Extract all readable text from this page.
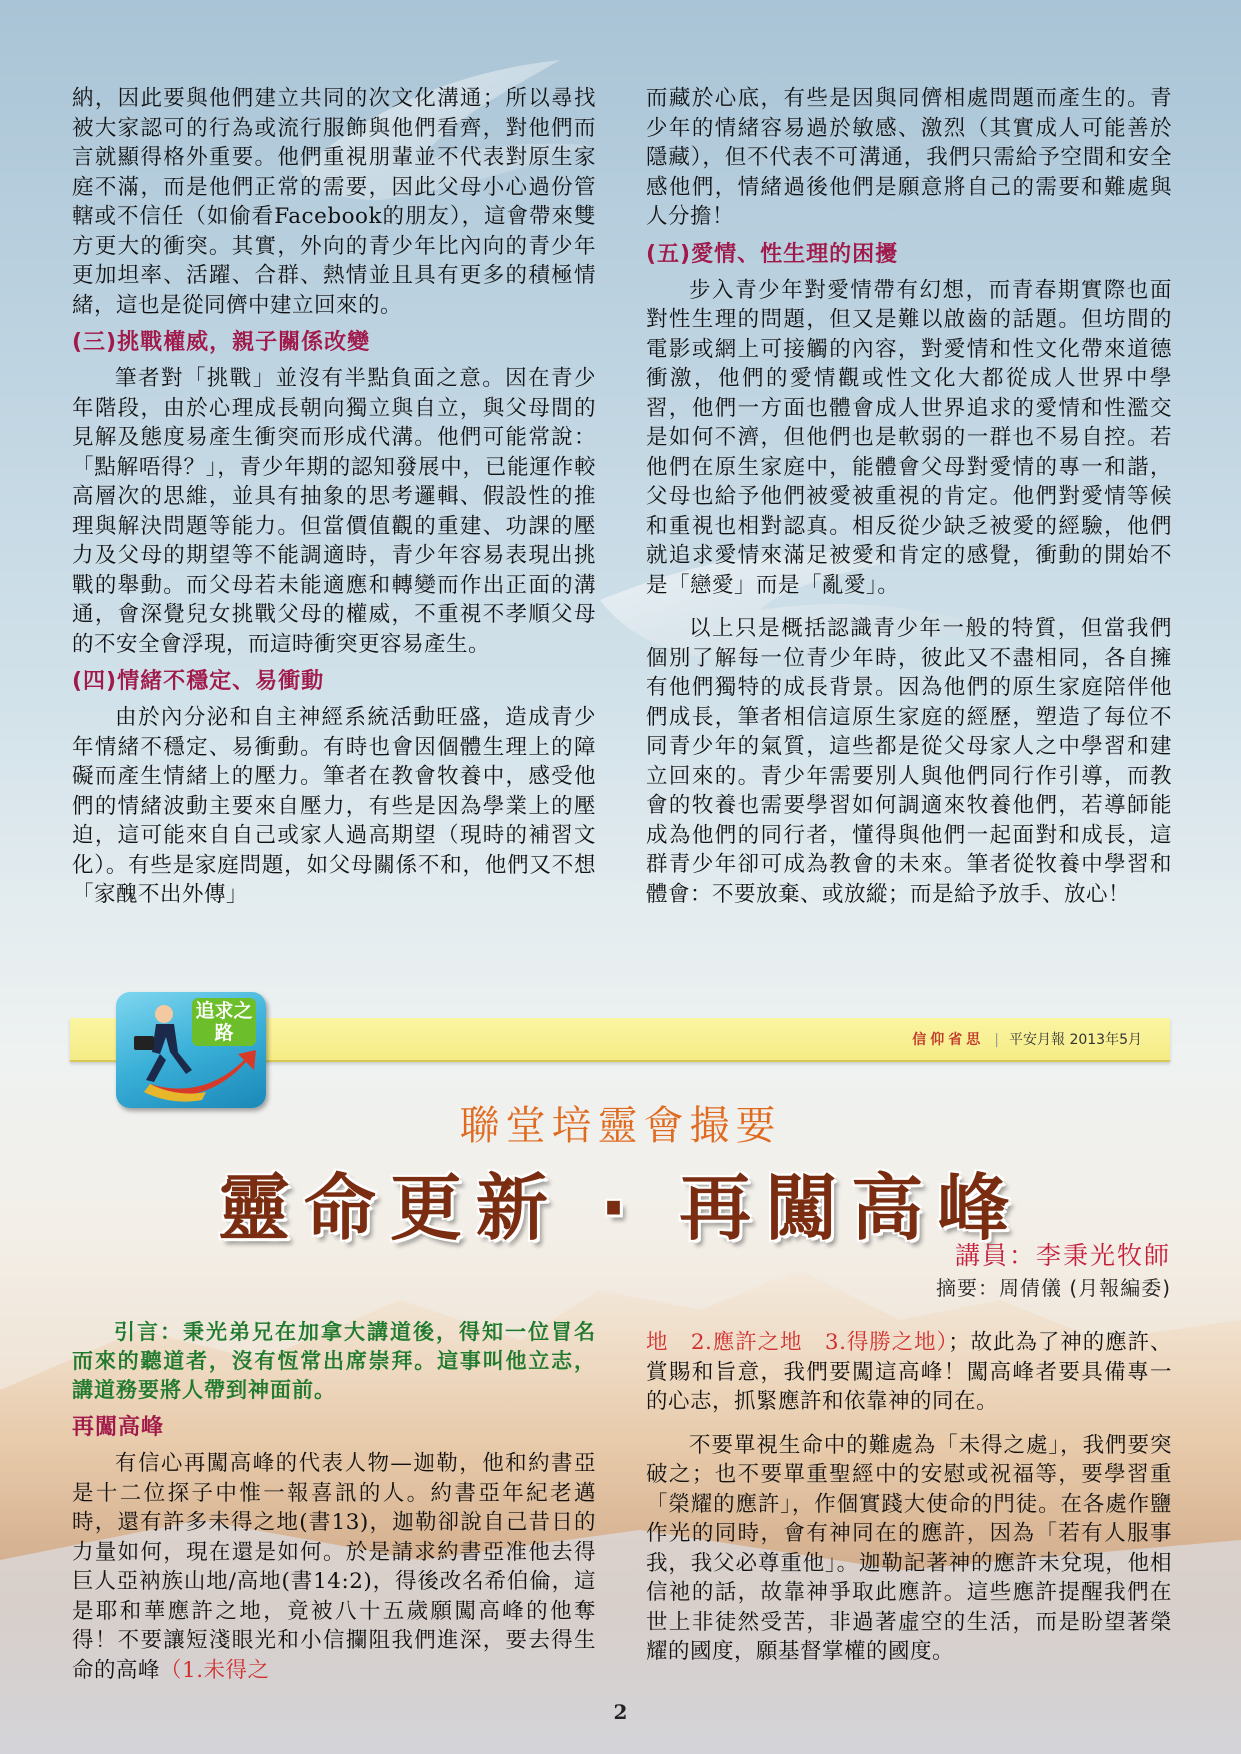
納，因此要與他們建立共同的次文化溝通；所以尋找被大家認可的行為或流行服飾與他們看齊，對他們而言就顯得格外重要。他們重視朋輩並不代表對原生家庭不滿，而是他們正常的需要，因此父母小心過份管轄或不信任（如偷看Facebook的朋友），這會帶來雙方更大的衝突。其實，外向的青少年比內向的青少年更加坦率、活躍、合群、熱情並且具有更多的積極情緒，這也是從同儕中建立回來的。

(三)挑戰權威，親子關係改變

筆者對「挑戰」並沒有半點負面之意。因在青少年階段，由於心理成長朝向獨立與自立，與父母間的見解及態度易產生衝突而形成代溝。他們可能常說：「點解唔得？」，青少年期的認知發展中，已能運作較高層次的思維，並具有抽象的思考邏輯、假設性的推理與解決問題等能力。但當價值觀的重建、功課的壓力及父母的期望等不能調適時，青少年容易表現出挑戰的舉動。而父母若未能適應和轉變而作出正面的溝通，會深覺兒女挑戰父母的權威，不重視不孝順父母的不安全會浮現，而這時衝突更容易產生。

(四)情緒不穩定、易衝動

由於內分泌和自主神經系統活動旺盛，造成青少年情緒不穩定、易衝動。有時也會因個體生理上的障礙而產生情緒上的壓力。筆者在教會牧養中，感受他們的情緒波動主要來自壓力，有些是因為學業上的壓迫，這可能來自自己或家人過高期望（現時的補習文化）。有些是家庭問題，如父母關係不和，他們又不想「家醜不出外傳」

而藏於心底，有些是因與同儕相處問題而產生的。青少年的情緒容易過於敏感、激烈（其實成人可能善於隱藏），但不代表不可溝通，我們只需給予空間和安全感他們，情緒過後他們是願意將自己的需要和難處與人分擔！

(五)愛情、性生理的困擾

步入青少年對愛情帶有幻想，而青春期實際也面對性生理的問題，但又是難以啟齒的話題。但坊間的電影或網上可接觸的內容，對愛情和性文化帶來道德衝激，他們的愛情觀或性文化大都從成人世界中學習，他們一方面也體會成人世界追求的愛情和性濫交是如何不濟，但他們也是軟弱的一群也不易自控。若他們在原生家庭中，能體會父母對愛情的專一和諧，父母也給予他們被愛被重視的肯定。他們對愛情等候和重視也相對認真。相反從少缺乏被愛的經驗，他們就追求愛情來滿足被愛和肯定的感覺，衝動的開始不是「戀愛」而是「亂愛」。

以上只是概括認識青少年一般的特質，但當我們個別了解每一位青少年時，彼此又不盡相同，各自擁有他們獨特的成長背景。因為他們的原生家庭陪伴他們成長，筆者相信這原生家庭的經歷，塑造了每位不同青少年的氣質，這些都是從父母家人之中學習和建立回來的。青少年需要別人與他們同行作引導，而教會的牧養也需要學習如何調適來牧養他們，若導師能成為他們的同行者，懂得與他們一起面對和成長，這群青少年卻可成為教會的未來。筆者從牧養中學習和體會：不要放棄、或放縱；而是給予放手、放心！

信仰省思 | 平安月報 2013年5月
追求之路
聯堂培靈會撮要
靈命更新 ‧ 再闖高峰
講員：李秉光牧師
摘要：周倩儀 (月報編委)

引言：秉光弟兄在加拿大講道後，得知一位冒名而來的聽道者，沒有恆常出席崇拜。這事叫他立志，講道務要將人帶到神面前。

再闖高峰

有信心再闖高峰的代表人物—迦勒，他和約書亞是十二位探子中惟一報喜訊的人。約書亞年紀老邁時，還有許多未得之地(書13)，迦勒卻說自己昔日的力量如何，現在還是如何。於是請求約書亞准他去得巨人亞衲族山地/高地(書14:2)，得後改名希伯倫，這是耶和華應許之地，竟被八十五歲願闖高峰的他奪得！不要讓短淺眼光和小信攔阻我們進深，要去得生命的高峰（1.未得之

地　2.應許之地　3.得勝之地）；故此為了神的應許、賞賜和旨意，我們要闖這高峰！闖高峰者要具備專一的心志，抓緊應許和依靠神的同在。

不要單視生命中的難處為「未得之處」，我們要突破之；也不要單重聖經中的安慰或祝福等，要學習重「榮耀的應許」，作個實踐大使命的門徒。在各處作鹽作光的同時，會有神同在的應許，因為「若有人服事我，我父必尊重他」。迦勒記著神的應許未兌現，他相信祂的話，故靠神爭取此應許。這些應許提醒我們在世上非徒然受苦，非過著虛空的生活，而是盼望著榮耀的國度，願基督掌權的國度。

2
